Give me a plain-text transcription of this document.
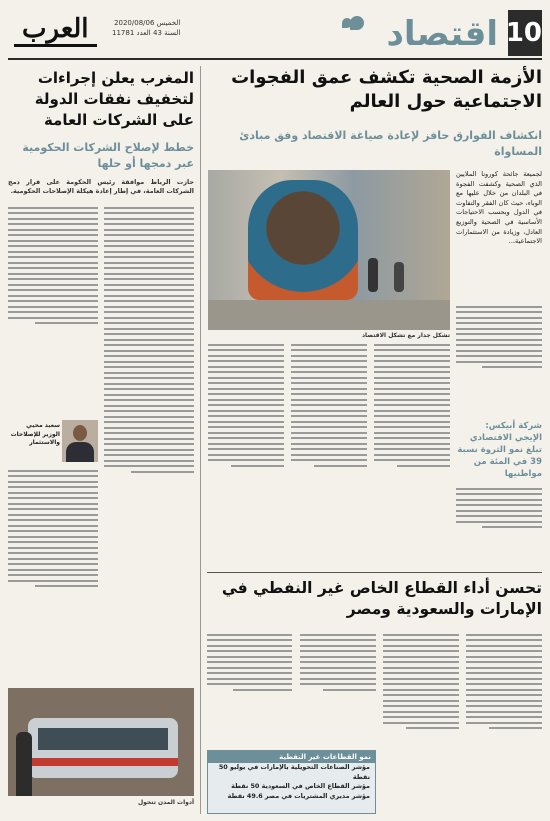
10
اقتصاد
العرب	الخميس 2020/08/06
السنة 43 العدد 11781
الأزمة الصحية تكشف عمق الفجوات الاجتماعية حول العالم
انكشاف الفوارق حافز لإعادة صياغة الاقتصاد وفق مبادئ المساواة
لجميعة جائحة كورونا الملايين الذي الصحية وكشفت الفجوة في البلدان من خلال عليها مع الوباء، حيث كان الفقر والتفاوت في الدول وبحسب الاحتياجات الأساسية في الصحية والتوزيع العادل، وزيادة من الاستثمارات الاجتماعية...
تشكل جدار مع تشكل الاقتصاد
شركة أبيكس: الإيجي الاقتصادي تبلغ نمو الثروة نسبة 39 في المئة من مواطنيها
تحسن أداء القطاع الخاص غير النفطي في الإمارات والسعودية ومصر
نمو القطاعات غير النفطية
مؤشر الصناعات التحويلية بالإمارات في يوليو 50 نقطة
مؤشر القطاع الخاص في السعودية 50 نقطة
مؤشر مديري المشتريات في مصر 49.6 نقطة
المغرب يعلن إجراءات لتخفيف نفقات الدولة على الشركات العامة
خطط لإصلاح الشركات الحكومية عبر دمجها أو حلها
حازت الرباط موافقة رئيس الحكومة على قرار دمج الشركات العامة، في إطار إعادة هيكلة الإصلاحات الحكومية.
سعيد محيي الوزير للإصلاحات والاستثمار
أدوات المدن تتحول
